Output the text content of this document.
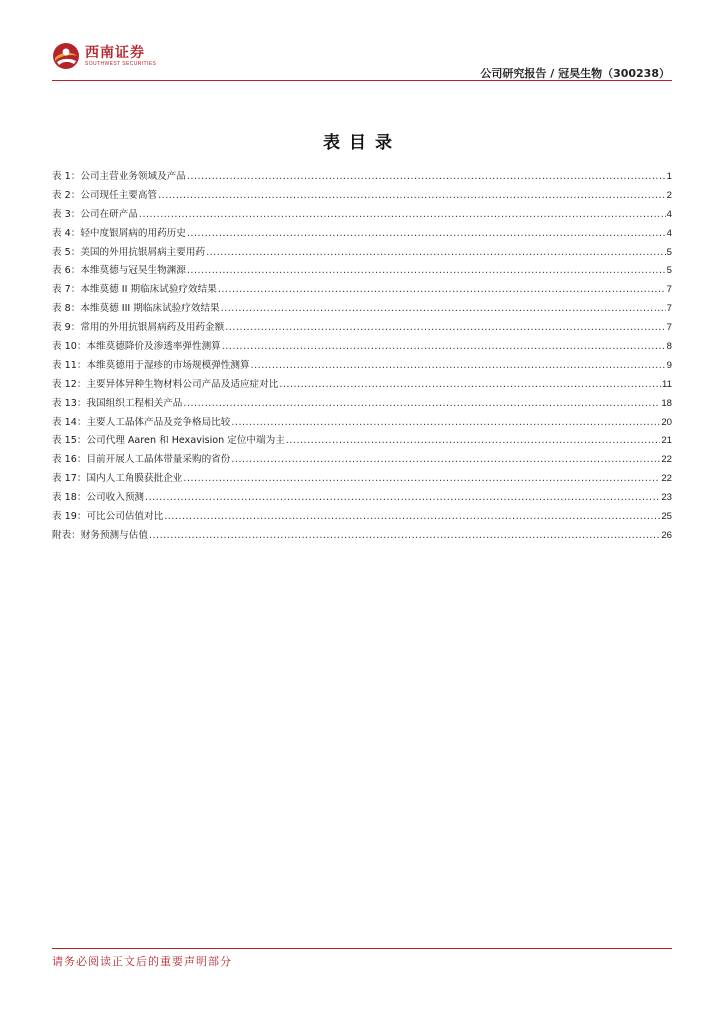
西南证券
SOUTHWEST SECURITIES
公司研究报告 / 冠昊生物（300238）
表目录
表 1：公司主营业务领域及产品 .....	1
表 2：公司现任主要高管 .....	2
表 3：公司在研产品 .....	4
表 4：轻中度银屑病的用药历史 .....	4
表 5：美国的外用抗银屑病主要用药 .....	5
表 6：本维莫德与冠昊生物渊源 .....	5
表 7：本维莫德 II 期临床试验疗效结果 .....	7
表 8：本维莫德 III 期临床试验疗效结果 .....	7
表 9：常用的外用抗银屑病药及用药金额 .....	7
表 10：本维莫德降价及渗透率弹性测算 .....	8
表 11：本维莫德用于湿疹的市场规模弹性测算 .....	9
表 12：主要异体异种生物材料公司产品及适应症对比 .....	11
表 13：我国组织工程相关产品 .....	18
表 14：主要人工晶体产品及竞争格局比较 .....	20
表 15：公司代理 Aaren 和 Hexavision 定位中端为主 .....	21
表 16：目前开展人工晶体带量采购的省份 .....	22
表 17：国内人工角膜获批企业 .....	22
表 18：公司收入预测 .....	23
表 19：可比公司估值对比 .....	25
附表：财务预测与估值 .....	26
请务必阅读正文后的重要声明部分
